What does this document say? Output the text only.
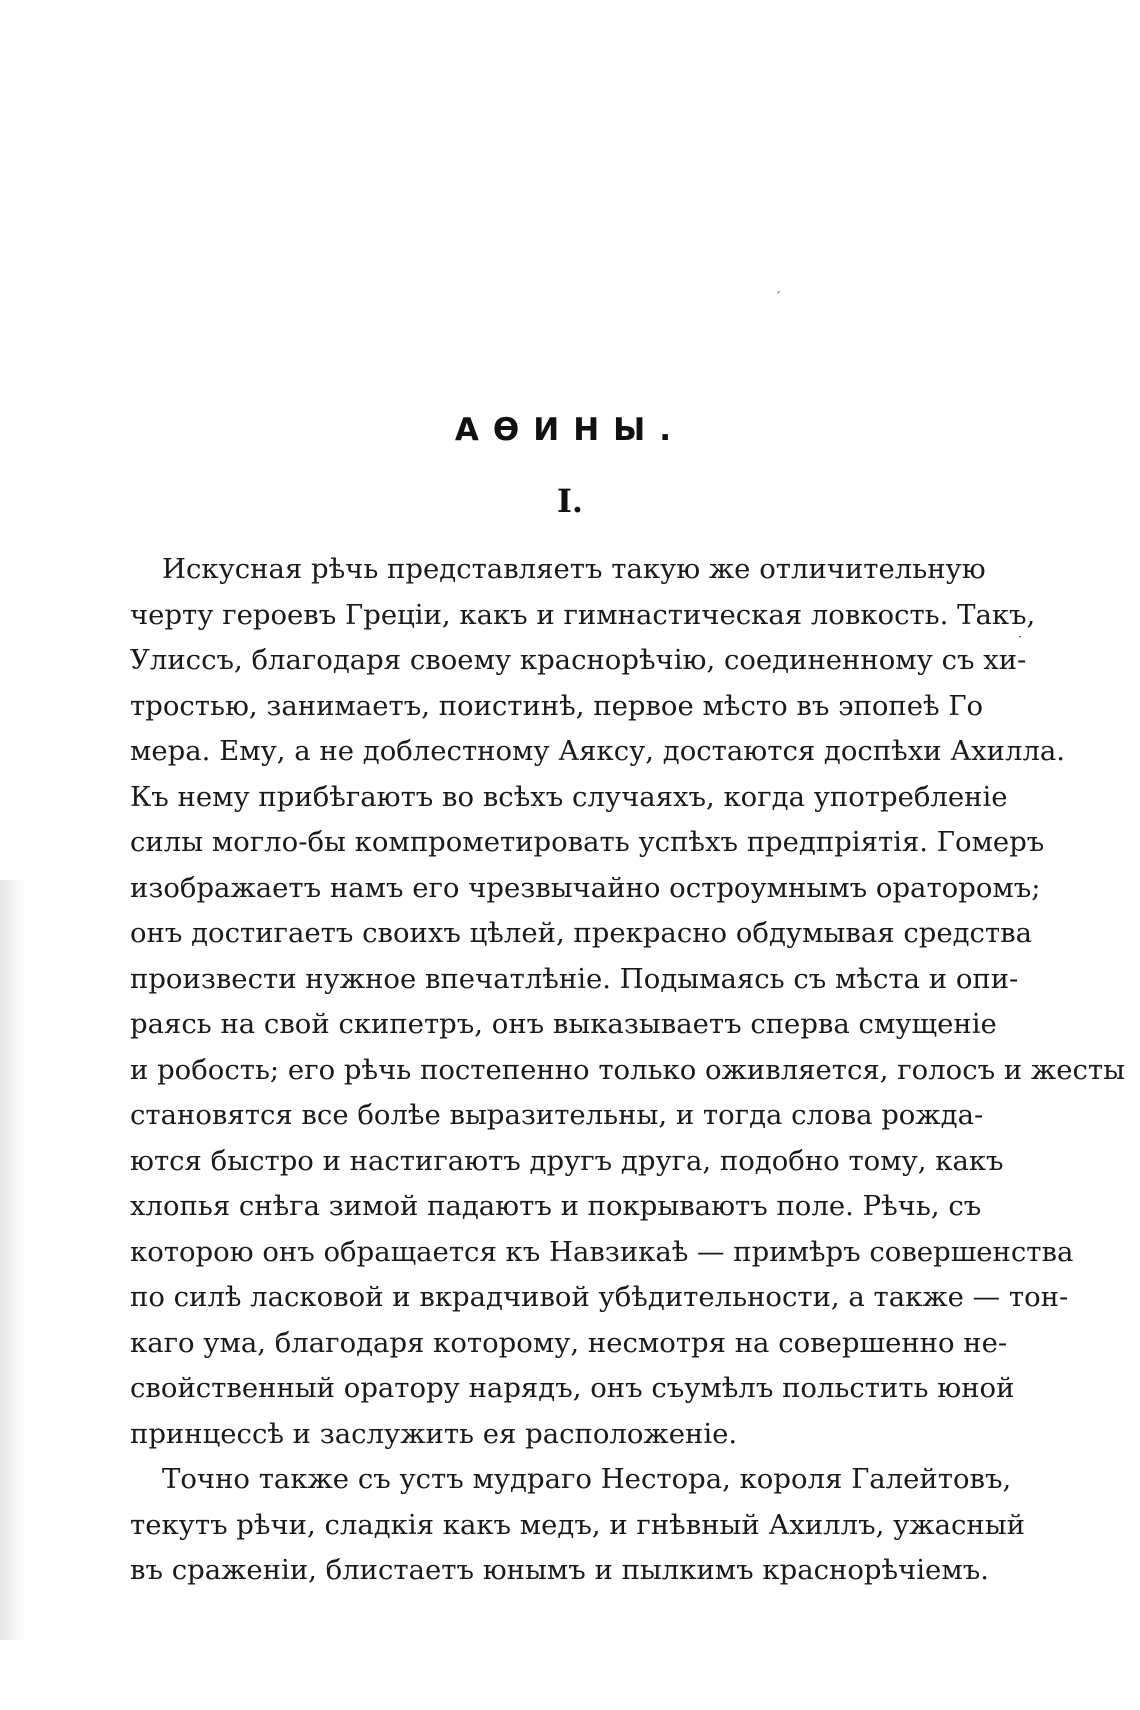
АѲИНЫ.
I.
Искусная рѣчь представляетъ такую же отличительную
черту героевъ Греціи, какъ и гимнастическая ловкость. Такъ,
Улиссъ, благодаря своему краснорѣчію, соединенному съ хи-
тростью, занимаетъ, поистинѣ, первое мѣсто въ эпопеѣ Го
мера. Ему, а не доблестному Аяксу, достаются доспѣхи Ахилла.
Къ нему прибѣгаютъ во всѣхъ случаяхъ, когда употребленіе
силы могло-бы компрометировать успѣхъ предпріятія. Гомеръ
изображаетъ намъ его чрезвычайно остроумнымъ ораторомъ;
онъ достигаетъ своихъ цѣлей, прекрасно обдумывая средства
произвести нужное впечатлѣніе. Подымаясь съ мѣста и опи-
раясь на свой скипетръ, онъ выказываетъ сперва смущеніе
и робость; его рѣчь постепенно только оживляется, голосъ и жесты
становятся все болѣе выразительны, и тогда слова рожда-
ются быстро и настигаютъ другъ друга, подобно тому, какъ
хлопья снѣга зимой падаютъ и покрываютъ поле. Рѣчь, съ
которою онъ обращается къ Навзикаѣ — примѣръ совершенства
по силѣ ласковой и вкрадчивой убѣдительности, а также — тон-
каго ума, благодаря которому, несмотря на совершенно не-
свойственный оратору нарядъ, онъ съумѣлъ польстить юной
принцессѣ и заслужить ея расположеніе.
Точно также съ устъ мудраго Нестора, короля Галейтовъ,
текутъ рѣчи, сладкія какъ медъ, и гнѣвный Ахиллъ, ужасный
въ сраженіи, блистаетъ юнымъ и пылкимъ краснорѣчіемъ.
·
ˊ
